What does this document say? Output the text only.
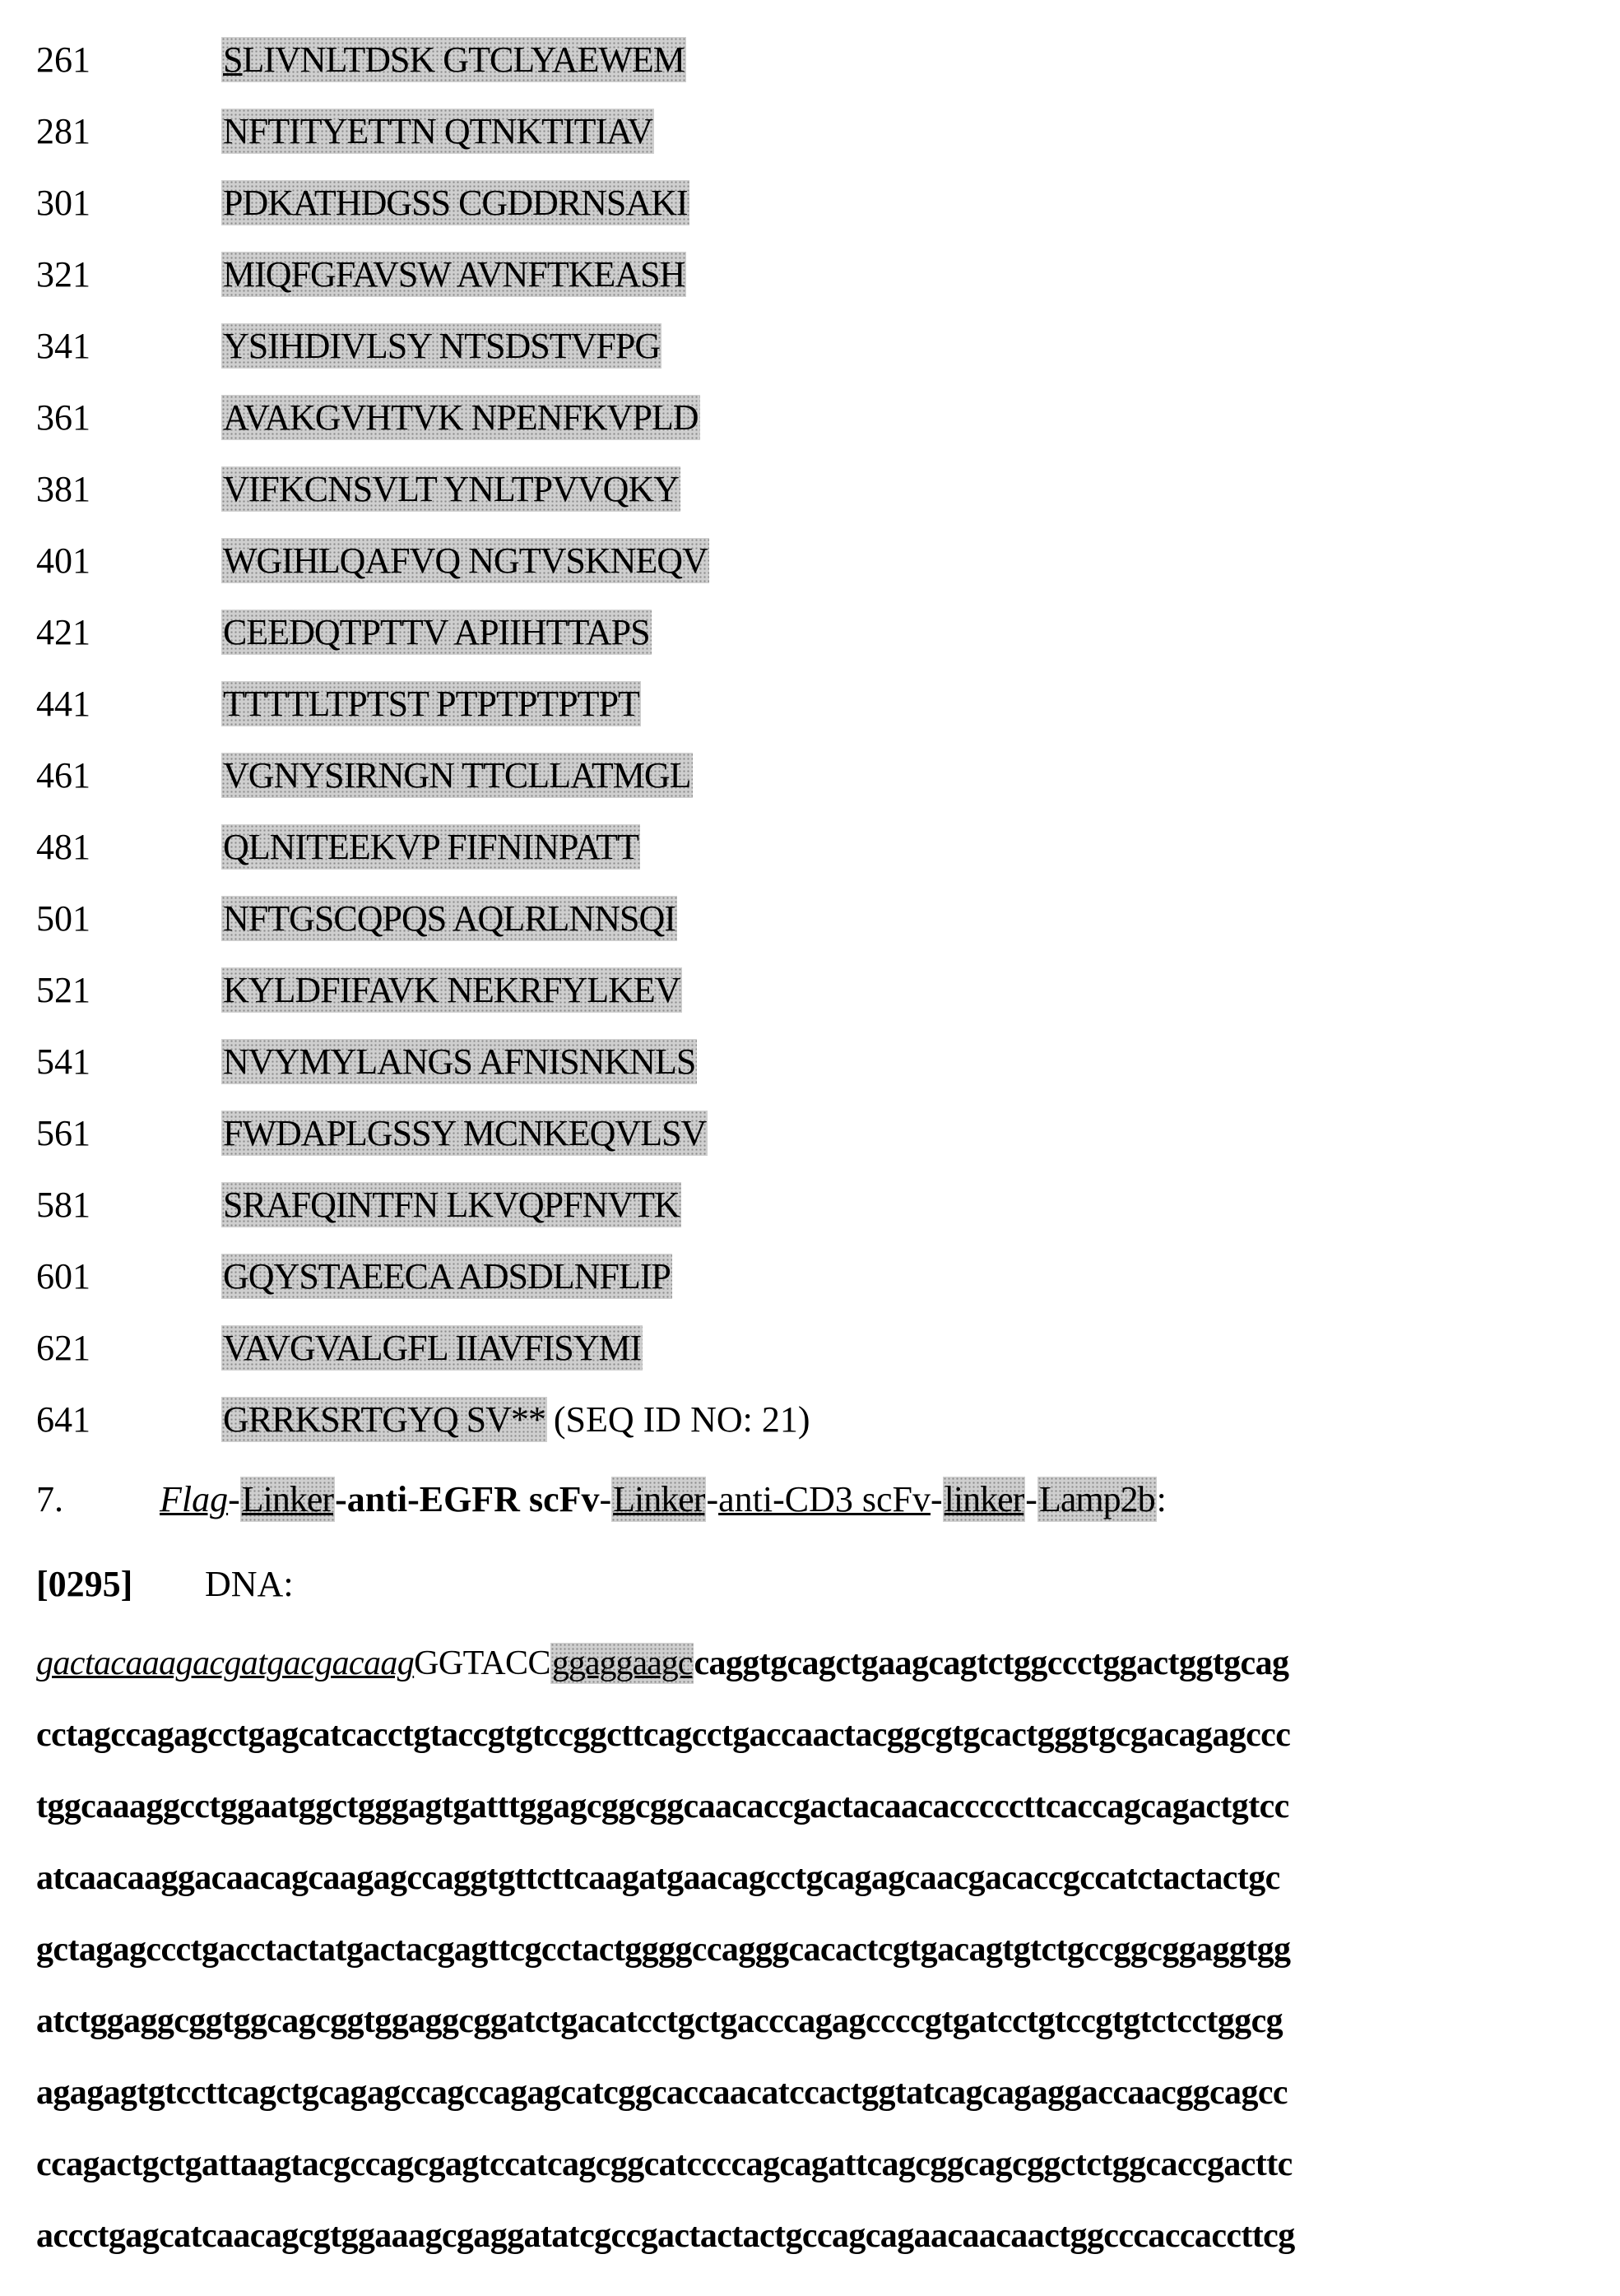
261	SLIVNLTDSK GTCLYAEWEM
281	NFTITYETTN QTNKTITIAV
301	PDKATHDGSS CGDDRNSAKI
321	MIQFGFAVSW AVNFTKEASH
341	YSIHDIVLSY NTSDSTVFPG
361	AVAKGVHTVK NPENFKVPLD
381	VIFKCNSVLT YNLTPVVQKY
401	WGIHLQAFVQ NGTVSKNEQV
421	CEEDQTPTTV APIIHTTAPS
441	TTTTLTPTST PTPTPTPTPT
461	VGNYSIRNGN TTCLLATMGL
481	QLNITEEKVP FIFNINPATT
501	NFTGSCQPQS AQLRLNNSQI
521	KYLDFIFAVK NEKRFYLKEV
541	NVYMYLANGS AFNISNKNLS
561	FWDAPLGSSY MCNKEQVLSV
581	SRAFQINTFN LKVQPFNVTK
601	GQYSTAEECA ADSDLNFLIP
621	VAVGVALGFL IIAVFISYMI
641	GRRKSRTGYQ SV** (SEQ ID NO: 21)
7.	Flag - Linker - anti-EGFR scFv - Linker - anti-CD3 scFv - linker - Lamp2b :
[0295]	DNA:
gactacaaagacgatgacgacaagGGTACCggaggaagccaggtgcagctgaagcagtctggccctggactggtgcag
cctagccagagcctgagcatcacctgtaccgtgtccggcttcagcctgaccaactacggcgtgcactgggtgcgacagagccc
tggcaaaggcctggaatggctgggagtgatttggagcggcggcaacaccgactacaacacccccttcaccagcagactgtcc
atcaacaaggacaacagcaagagccaggtgttcttcaagatgaacagcctgcagagcaacgacaccgccatctactactgc
gctagagccctgacctactatgactacgagttcgcctactggggccagggcacactcgtgacagtgtctgccggcggaggtgg
atctggaggcggtggcagcggtggaggcggatctgacatcctgctgacccagagccccgtgatcctgtccgtgtctcctggcg
agagagtgtccttcagctgcagagccagccagagcatcggcaccaacatccactggtatcagcagaggaccaacggcagcc
ccagactgctgattaagtacgccagcgagtccatcagcggcatccccagcagattcagcggcagcggctctggcaccgacttc
accctgagcatcaacagcgtggaaagcgaggatatcgccgactactactgccagcagaacaacaactggcccaccaccttcg
